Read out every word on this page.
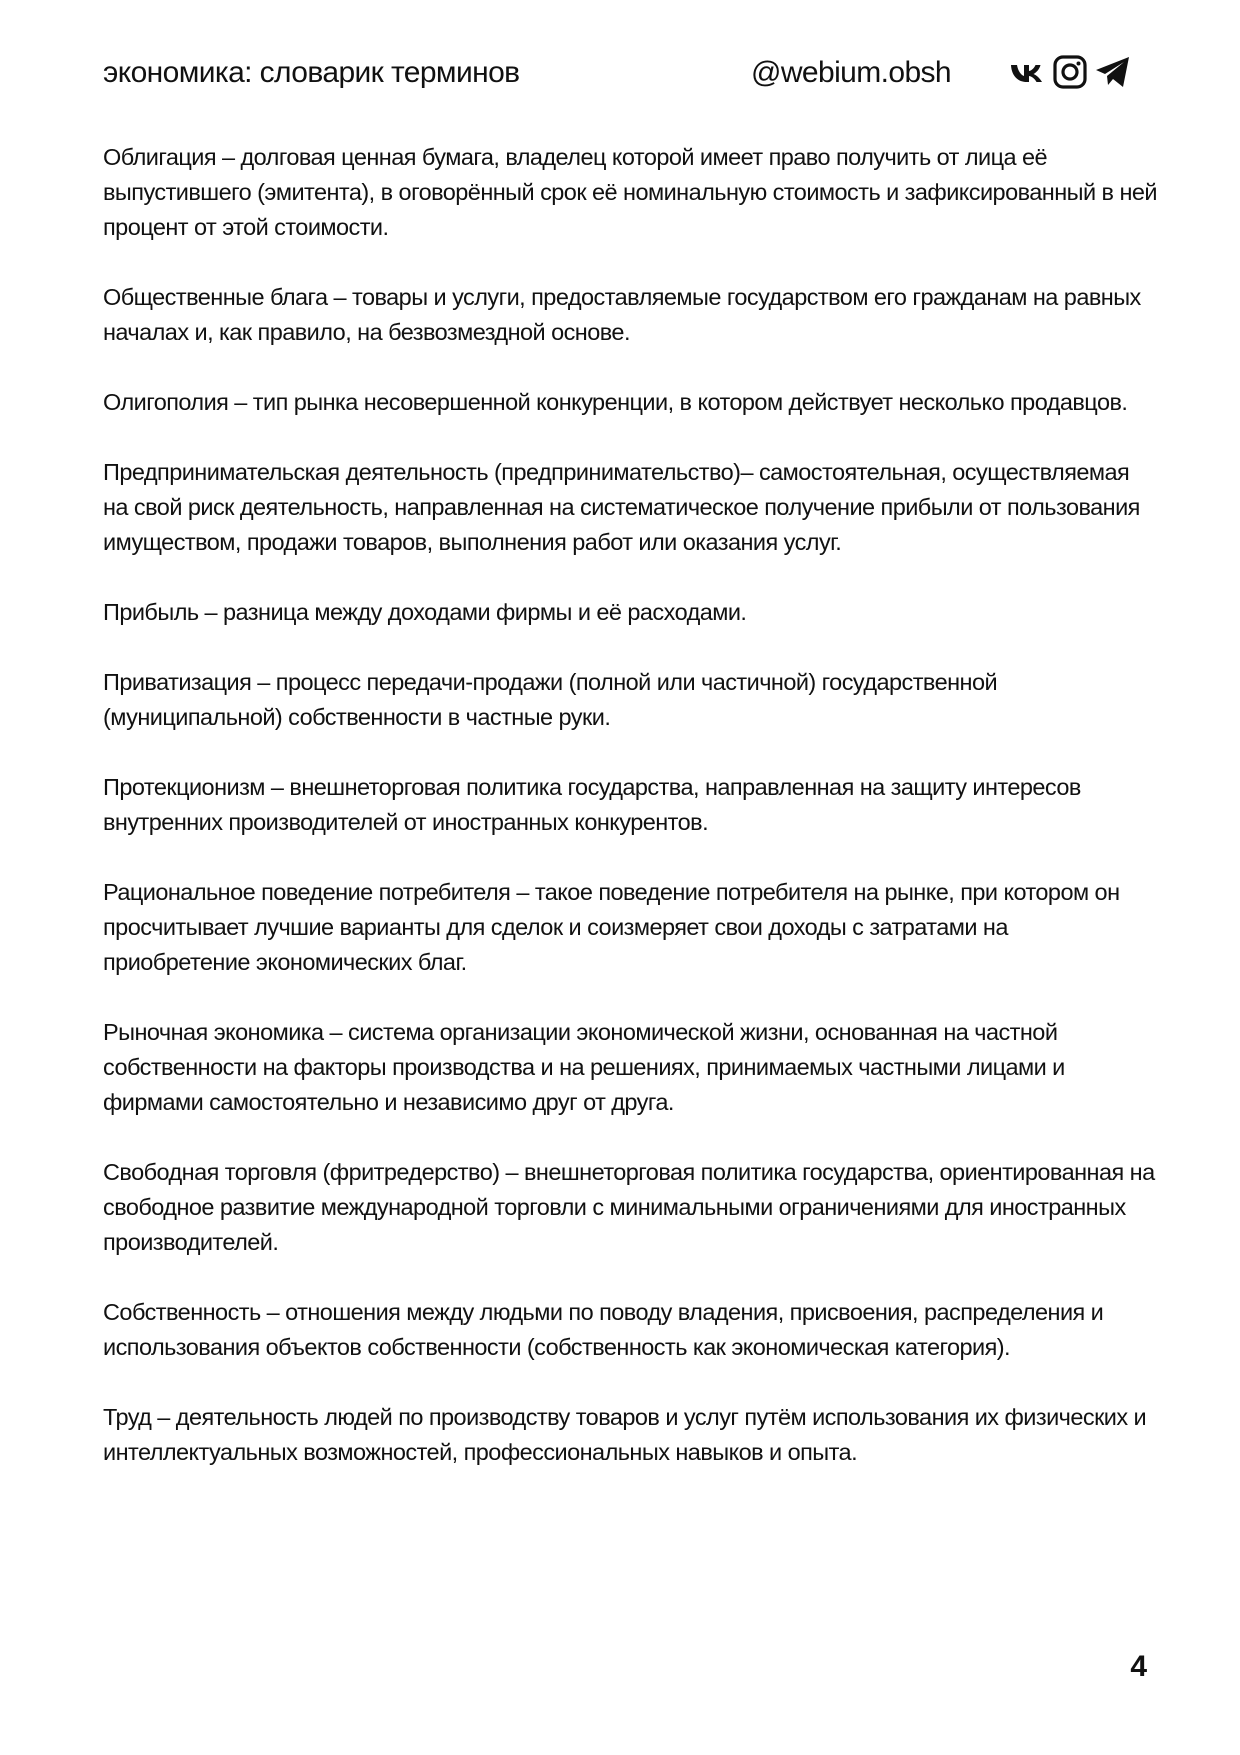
экономика: словарик терминов	@webium.obsh

Облигация – долговая ценная бумага, владелец которой имеет право получить от лица её выпустившего (эмитента), в оговорённый срок её номинальную стоимость и зафиксированный в ней процент от этой стоимости.

Общественные блага – товары и услуги, предоставляемые государством его гражданам на равных началах и, как правило, на безвозмездной основе.

Олигополия – тип рынка несовершенной конкуренции, в котором действует несколько продавцов.

Предпринимательская деятельность (предпринимательство)– самостоятельная, осуществляемая на свой риск деятельность, направленная на систематическое получение прибыли от пользования имуществом, продажи товаров, выполнения работ или оказания услуг.

Прибыль – разница между доходами фирмы и её расходами.

Приватизация – процесс передачи-продажи (полной или частичной) государственной (муниципальной) собственности в частные руки.

Протекционизм – внешнеторговая политика государства, направленная на защиту интересов внутренних производителей от иностранных конкурентов.

Рациональное поведение потребителя – такое поведение потребителя на рынке, при котором он просчитывает лучшие варианты для сделок и соизмеряет свои доходы с затратами на приобретение экономических благ.

Рыночная экономика – система организации экономической жизни, основанная на частной собственности на факторы производства и на решениях, принимаемых частными лицами и фирмами самостоятельно и независимо друг от друга.

Свободная торговля (фритредерство) – внешнеторговая политика государства, ориентированная на свободное развитие международной торговли с минимальными ограничениями для иностранных производителей.

Собственность – отношения между людьми по поводу владения, присвоения, распределения и использования объектов собственности (собственность как экономическая категория).

Труд – деятельность людей по производству товаров и услуг путём использования их физических и интеллектуальных возможностей, профессиональных навыков и опыта.

4
